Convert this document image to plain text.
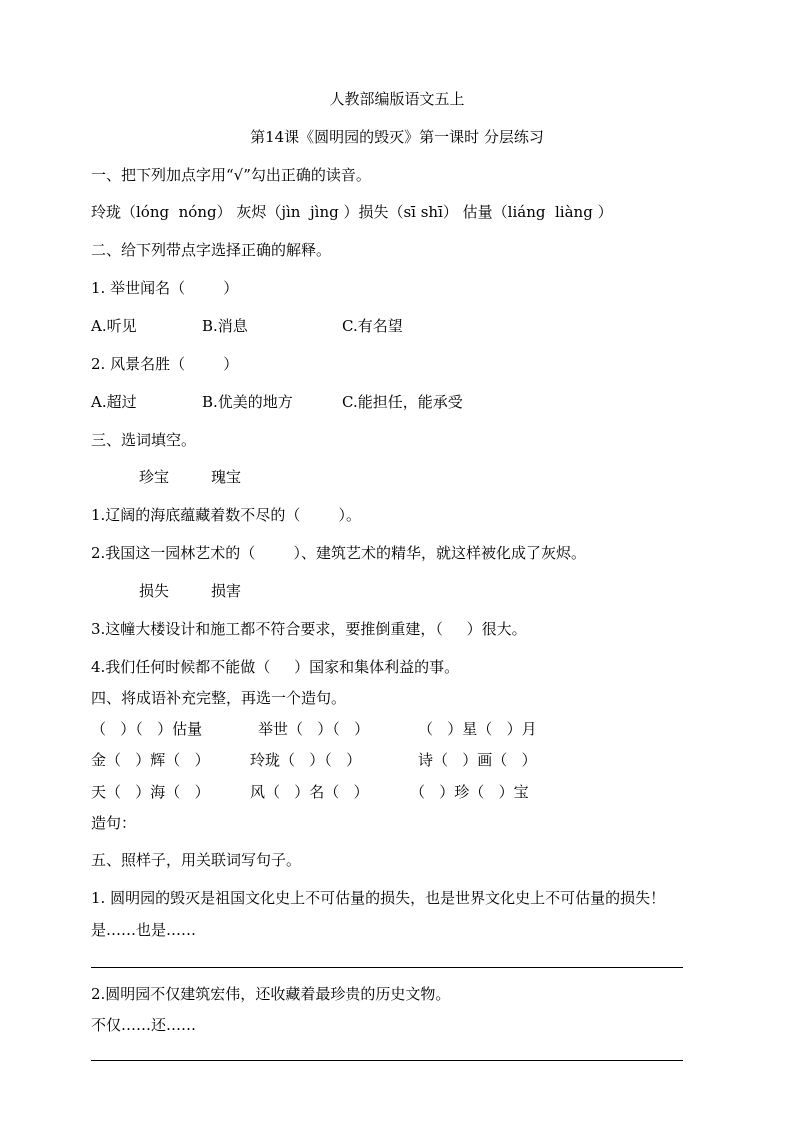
人教部编版语文五上
第14课《圆明园的毁灭》第一课时 分层练习
一、把下列加点字用“√”勾出正确的读音。
玲珑（lóng  nóng） 灰烬（jìn  jìng ）损失（sī shī） 估量（liáng  liàng ）
二、给下列带点字选择正确的解释。
1. 举世闻名（        ）
A.听见	B.消息	C.有名望
2. 风景名胜（        ）
A.超过	B.优美的地方	C.能担任，能承受
三、选词填空。
珍宝	瑰宝
1.辽阔的海底蕴藏着数不尽的（        ）。
2.我国这一园林艺术的（        ）、建筑艺术的精华，就这样被化成了灰烬。
损失	损害
3.这幢大楼设计和施工都不符合要求，要推倒重建，（     ）很大。
4.我们任何时候都不能做（     ）国家和集体利益的事。
四、将成语补充完整，再选一个造句。
（   ）（   ）估量	举世（   ）（   ）	（   ）星（   ）月
金（   ）辉（   ）	玲珑（   ）（   ）	诗（   ）画（   ）
天（   ）海（   ）	风（   ）名（   ）	（   ）珍（   ）宝
造句：
五、照样子，用关联词写句子。
1. 圆明园的毁灭是祖国文化史上不可估量的损失，也是世界文化史上不可估量的损失！
是……也是……
2.圆明园不仅建筑宏伟，还收藏着最珍贵的历史文物。
不仅……还……
